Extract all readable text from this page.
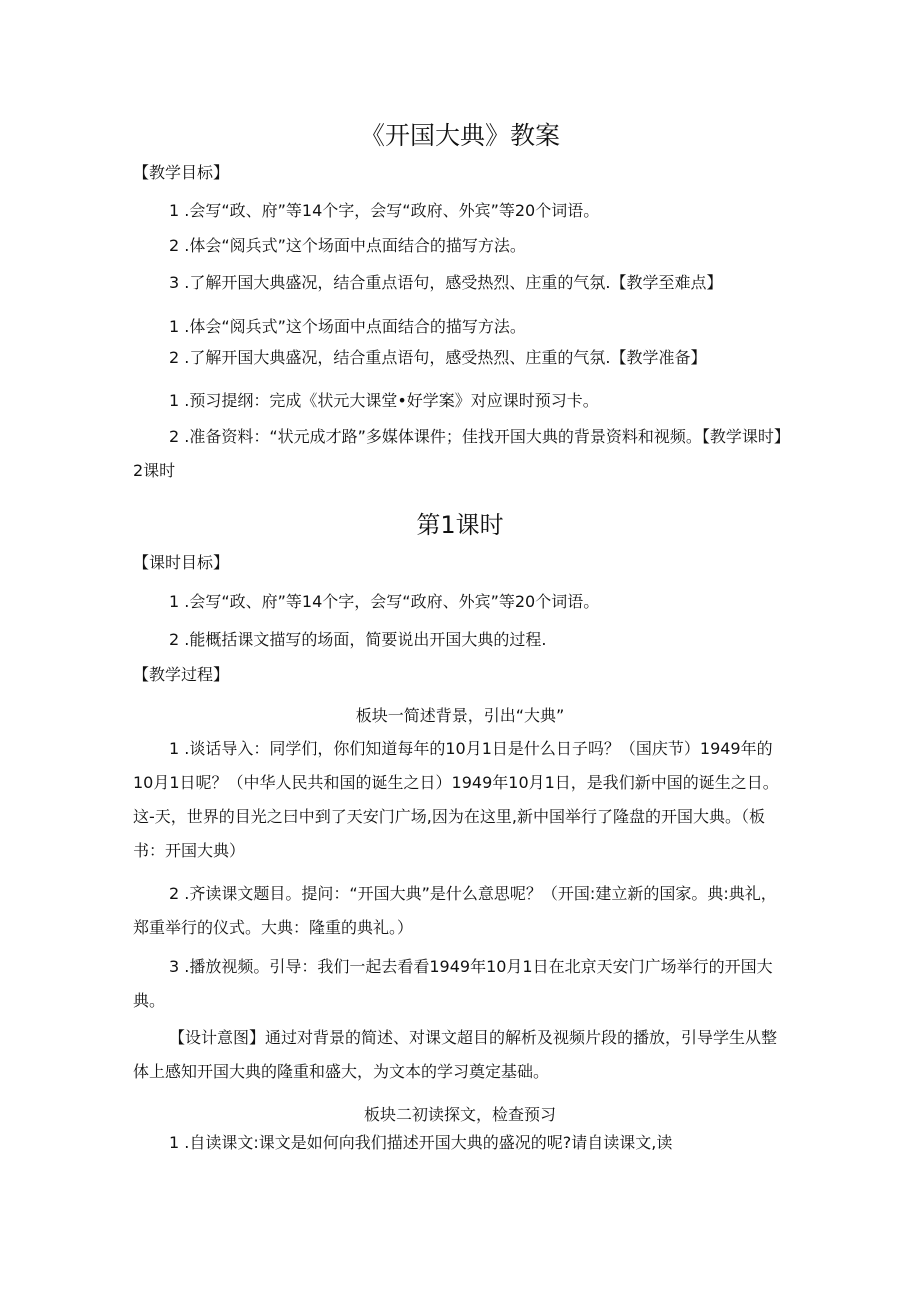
《开国大典》教案
【教学目标】
1 .会写“政、府”等14个字，会写“政府、外宾”等20个词语。
2 .体会“阅兵式”这个场面中点面结合的描写方法。
3 .了解开国大典盛况，结合重点语句，感受热烈、庄重的气氛.【教学至难点】
1 .体会“阅兵式”这个场面中点面结合的描写方法。
2 .了解开国大典盛况，结合重点语句，感受热烈、庄重的气氛.【教学准备】
1 .预习提纲：完成《状元大课堂•好学案》对应课时预习卡。
2 .准备资料：“状元成才路”多媒体课件；佳找开国大典的背景资料和视频。【教学课时】2课时
第1课时
【课时目标】
1 .会写“政、府”等14个字，会写“政府、外宾”等20个词语。
2 .能概括课文描写的场面，简要说出开国大典的过程.
【教学过程】
板块一简述背景，引出“大典”
1 .谈话导入：同学们，你们知道每年的10月1日是什么日子吗？（国庆节）1949年的10月1日呢？（中华人民共和国的诞生之日）1949年10月1日，是我们新中国的诞生之日。这-天，世界的目光之曰中到了天安门广场,因为在这里,新中国举行了隆盘的开国大典。（板书：开国大典）
2 .齐读课文题目。提问：“开国大典”是什么意思呢？（开国:建立新的国家。典:典礼，郑重举行的仪式。大典：隆重的典礼。）
3 .播放视频。引导：我们一起去看看1949年10月1日在北京天安门广场举行的开国大典。
【设计意图】通过对背景的简述、对课文超目的解析及视频片段的播放，引导学生从整体上感知开国大典的隆重和盛大，为文本的学习奠定基础。
板块二初读探文，检查预习
1 .自读课文:课文是如何向我们描述开国大典的盛况的呢?请自读课文,读
